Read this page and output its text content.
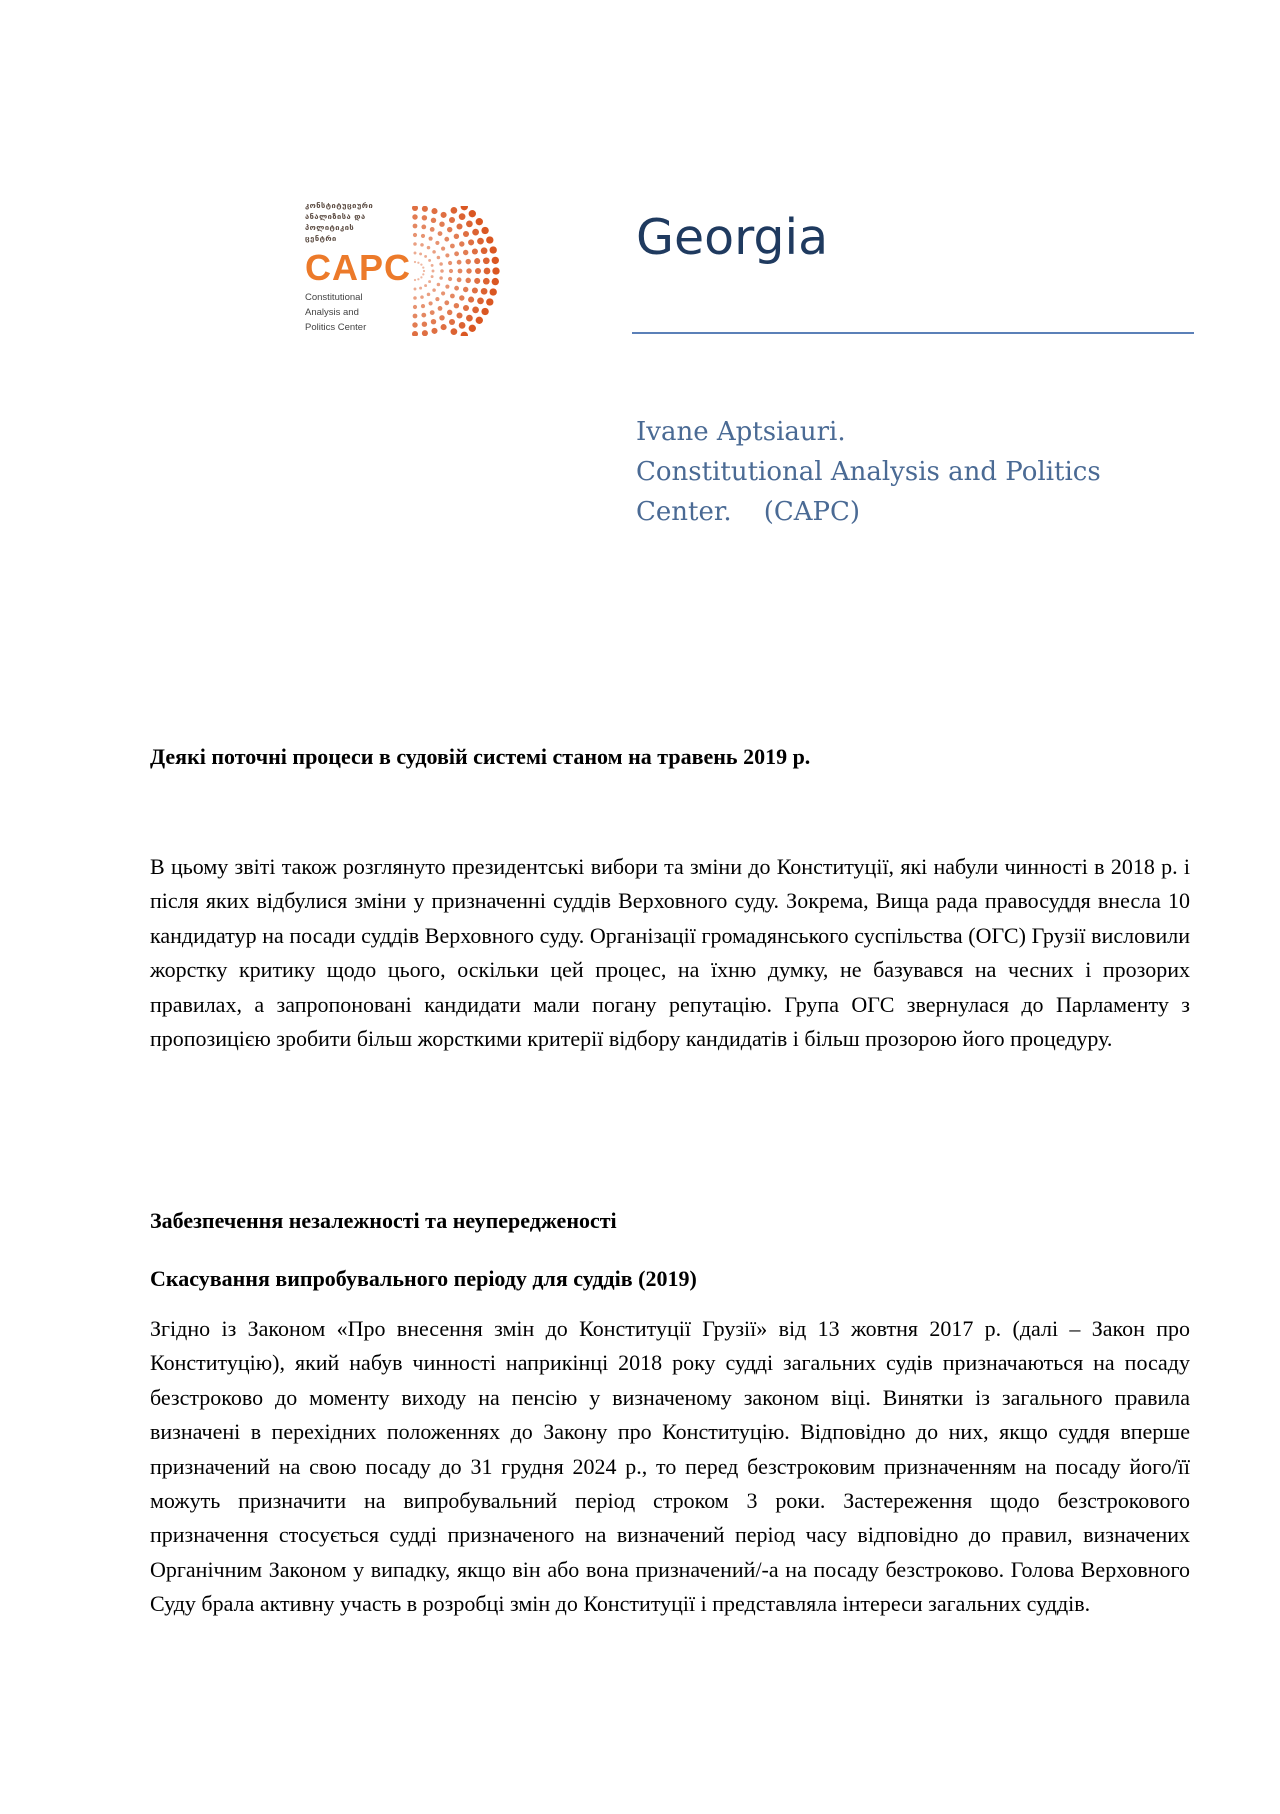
კონსტიტუციური
ანალიზისა და
პოლიტიკის
ცენტრი
CAPC
Constitutional
Analysis and
Politics Center
Georgia
Ivane Aptsiauri.
Constitutional Analysis and Politics
Center. (CAPC)
Деякі поточні процеси в судовій системі станом на травень 2019 р.
В цьому звіті також розглянуто президентські вибори та зміни до Конституції, які набули чинності в 2018 р. і після яких відбулися зміни у призначенні суддів Верховного суду. Зокрема, Вища рада правосуддя внесла 10 кандидатур на посади суддів Верховного суду. Організації громадянського суспільства (ОГС) Грузії висловили жорстку критику щодо цього, оскільки цей процес, на їхню думку, не базувався на чесних і прозорих правилах, а запропоновані кандидати мали погану репутацію. Група ОГС звернулася до Парламенту з пропозицією зробити більш жорсткими критерії відбору кандидатів і більш прозорою його процедуру.
Забезпечення незалежності та неупередженості
Скасування випробувального періоду для суддів (2019)
Згідно із Законом «Про внесення змін до Конституції Грузії» від 13 жовтня 2017 р. (далі – Закон про Конституцію), який набув чинності наприкінці 2018 року судді загальних судів призначаються на посаду безстроково до моменту виходу на пенсію у визначеному законом віці. Винятки із загального правила визначені в перехідних положеннях до Закону про Конституцію. Відповідно до них, якщо суддя вперше призначений на свою посаду до 31 грудня 2024 р., то перед безстроковим призначенням на посаду його/її можуть призначити на випробувальний період строком 3 роки. Застереження щодо безстрокового призначення стосується судді призначеного на визначений період часу відповідно до правил, визначених Органічним Законом у випадку, якщо він або вона призначений/-а на посаду безстроково. Голова Верховного Суду брала активну участь в розробці змін до Конституції і представляла інтереси загальних суддів.
